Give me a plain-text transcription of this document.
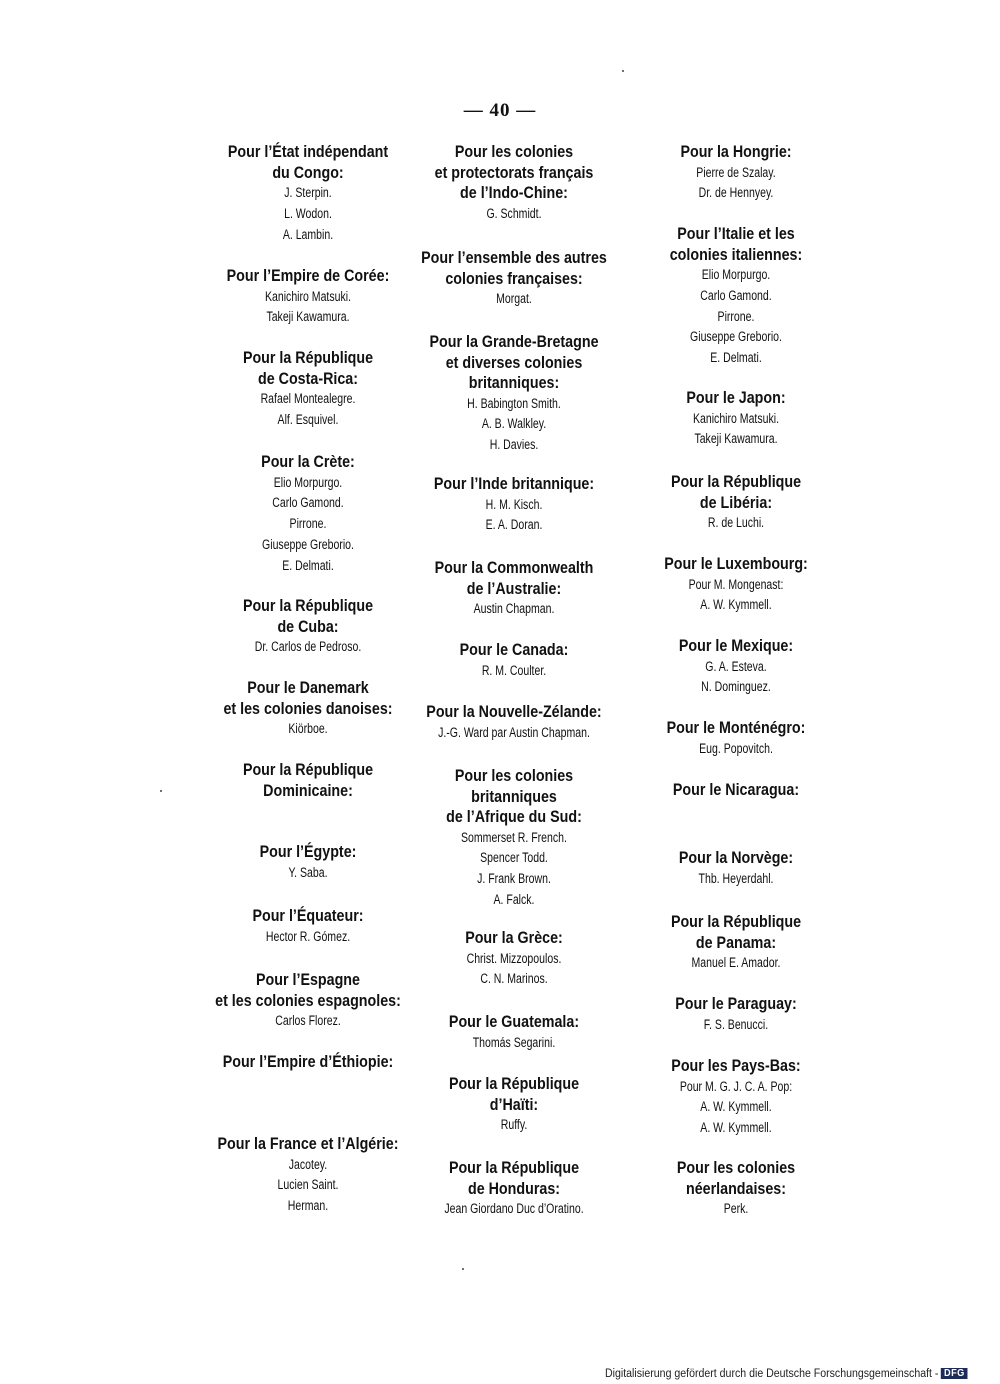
— 40 —
Pour l’État indépendant
du Congo:
J. Sterpin.
L. Wodon.
A. Lambin.
Pour l’Empire de Corée:
Kanichiro Matsuki.
Takeji Kawamura.
Pour la République
de Costa-Rica:
Rafael Montealegre.
Alf. Esquivel.
Pour la Crète:
Elio Morpurgo.
Carlo Gamond.
Pirrone.
Giuseppe Greborio.
E. Delmati.
Pour la République
de Cuba:
Dr. Carlos de Pedroso.
Pour le Danemark
et les colonies danoises:
Kiörboe.
Pour la République
Dominicaine:
Pour l’Égypte:
Y. Saba.
Pour l’Équateur:
Hector R. Gómez.
Pour l’Espagne
et les colonies espagnoles:
Carlos Florez.
Pour l’Empire d’Éthiopie:
Pour la France et l’Algérie:
Jacotey.
Lucien Saint.
Herman.
Pour les colonies
et protectorats français
de l’Indo-Chine:
G. Schmidt.
Pour l’ensemble des autres
colonies françaises:
Morgat.
Pour la Grande-Bretagne
et diverses colonies
britanniques:
H. Babington Smith.
A. B. Walkley.
H. Davies.
Pour l’Inde britannique:
H. M. Kisch.
E. A. Doran.
Pour la Commonwealth
de l’Australie:
Austin Chapman.
Pour le Canada:
R. M. Coulter.
Pour la Nouvelle-Zélande:
J.-G. Ward par Austin Chapman.
Pour les colonies
britanniques
de l’Afrique du Sud:
Sommerset R. French.
Spencer Todd.
J. Frank Brown.
A. Falck.
Pour la Grèce:
Christ. Mizzopoulos.
C. N. Marinos.
Pour le Guatemala:
Thomás Segarini.
Pour la République
d’Haïti:
Ruffy.
Pour la République
de Honduras:
Jean Giordano Duc d’Oratino.
Pour la Hongrie:
Pierre de Szalay.
Dr. de Hennyey.
Pour l’Italie et les
colonies italiennes:
Elio Morpurgo.
Carlo Gamond.
Pirrone.
Giuseppe Greborio.
E. Delmati.
Pour le Japon:
Kanichiro Matsuki.
Takeji Kawamura.
Pour la République
de Libéria:
R. de Luchi.
Pour le Luxembourg:
Pour M. Mongenast:
A. W. Kymmell.
Pour le Mexique:
G. A. Esteva.
N. Dominguez.
Pour le Monténégro:
Eug. Popovitch.
Pour le Nicaragua:
Pour la Norvège:
Thb. Heyerdahl.
Pour la République
de Panama:
Manuel E. Amador.
Pour le Paraguay:
F. S. Benucci.
Pour les Pays-Bas:
Pour M. G. J. C. A. Pop:
A. W. Kymmell.
A. W. Kymmell.
Pour les colonies
néerlandaises:
Perk.
Digitalisierung gefördert durch die Deutsche Forschungsgemeinschaft - DFG
